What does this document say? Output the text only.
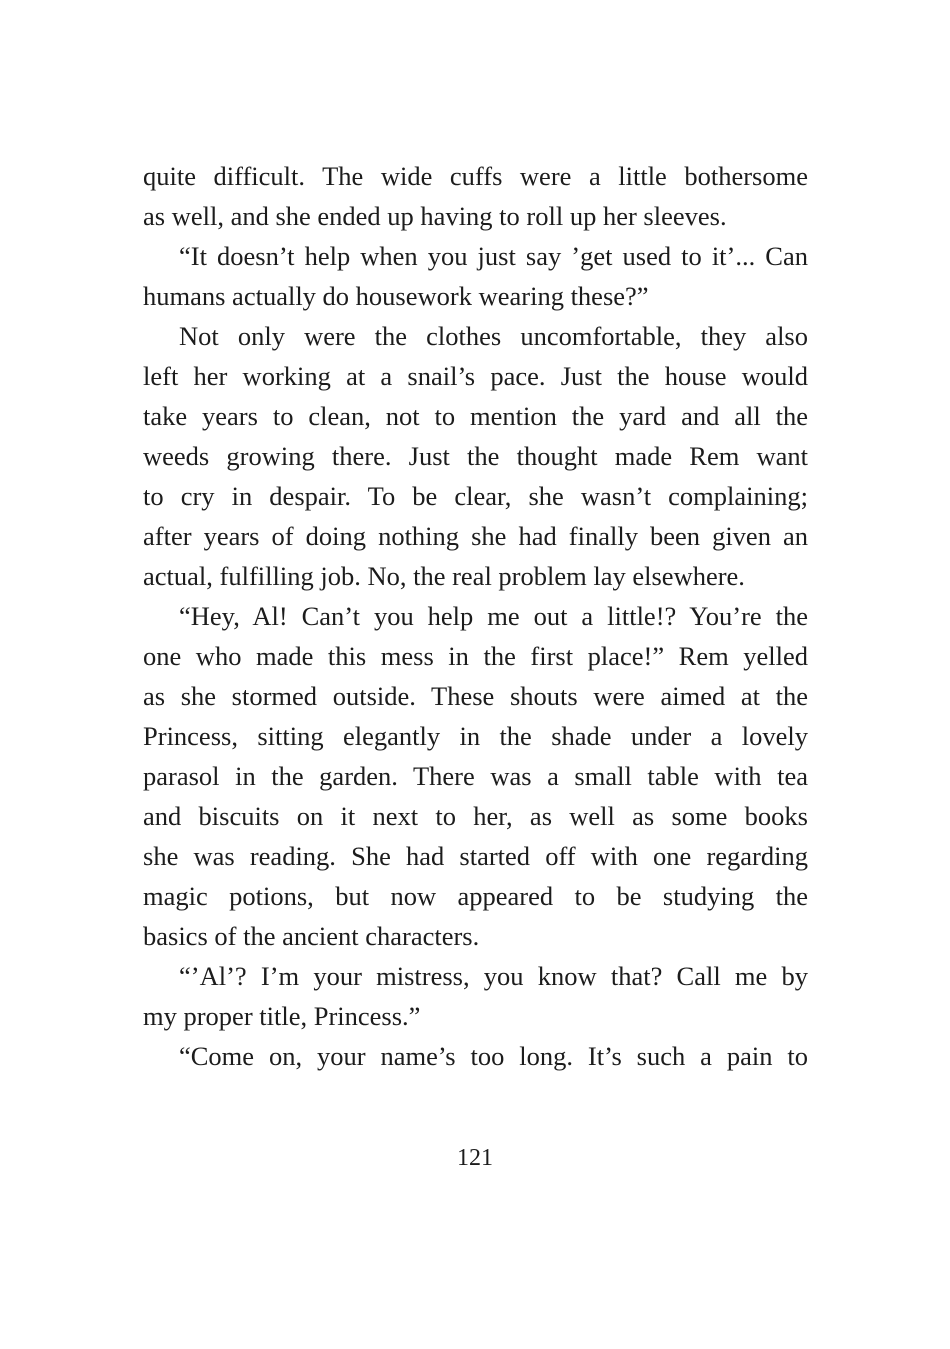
quite difficult. The wide cuffs were a little bothersome
as well, and she ended up having to roll up her sleeves.
“It doesn’t help when you just say ’get used to it’... Can
humans actually do housework wearing these?”
Not only were the clothes uncomfortable, they also
left her working at a snail’s pace. Just the house would
take years to clean, not to mention the yard and all the
weeds growing there. Just the thought made Rem want
to cry in despair. To be clear, she wasn’t complaining;
after years of doing nothing she had finally been given an
actual, fulfilling job. No, the real problem lay elsewhere.
“Hey, Al! Can’t you help me out a little!? You’re the
one who made this mess in the first place!” Rem yelled
as she stormed outside. These shouts were aimed at the
Princess, sitting elegantly in the shade under a lovely
parasol in the garden. There was a small table with tea
and biscuits on it next to her, as well as some books
she was reading. She had started off with one regarding
magic potions, but now appeared to be studying the
basics of the ancient characters.
“’Al’? I’m your mistress, you know that? Call me by
my proper title, Princess.”
“Come on, your name’s too long. It’s such a pain to
121
